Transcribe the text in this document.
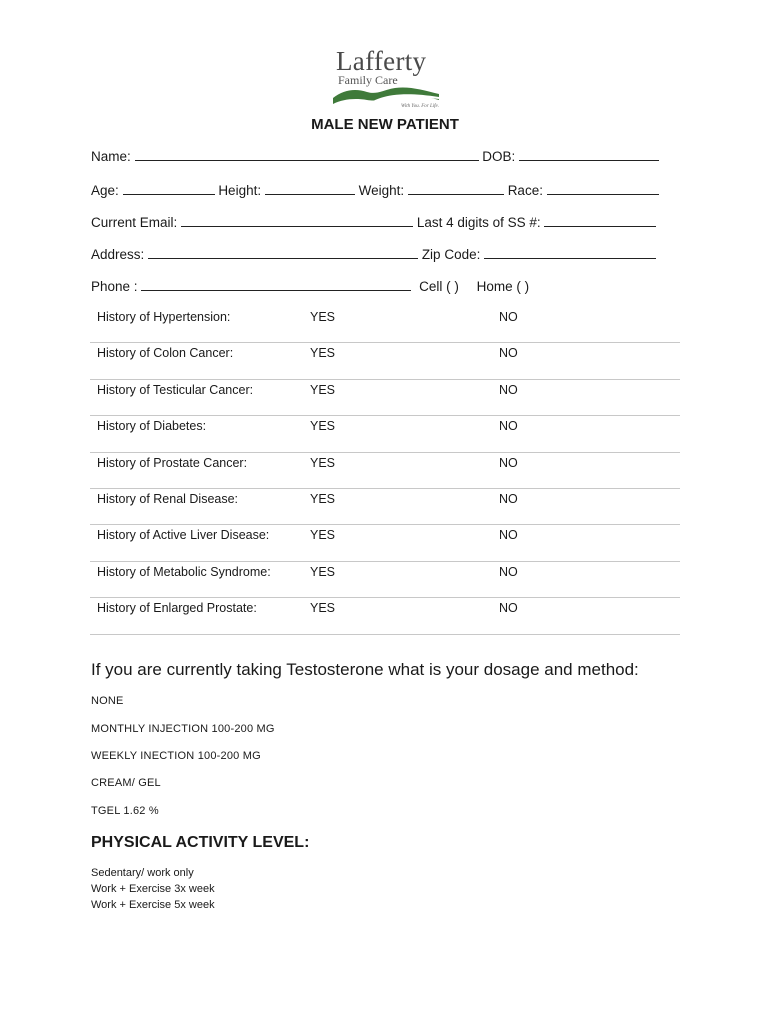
Lafferty
Family Care
With You. For Life.
MALE NEW PATIENT
Name:	DOB:
Age:	Height:	Weight:	Race:
Current Email:	Last 4 digits of SS #:
Address:	Zip Code:
Phone :	Cell ( ) Home ( )
History of Hypertension:	YES	NO
History of Colon Cancer:	YES	NO
History of Testicular Cancer:	YES	NO
History of Diabetes:	YES	NO
History of Prostate Cancer:	YES	NO
History of Renal Disease:	YES	NO
History of Active Liver Disease:	YES	NO
History of Metabolic Syndrome:	YES	NO
History of Enlarged Prostate:	YES	NO
If you are currently taking Testosterone what is your dosage and method:
NONE
MONTHLY INJECTION 100-200 MG
WEEKLY INECTION 100-200 MG
CREAM/ GEL
TGEL 1.62 %
PHYSICAL ACTIVITY LEVEL:
Sedentary/ work only
Work + Exercise 3x week
Work + Exercise 5x week
